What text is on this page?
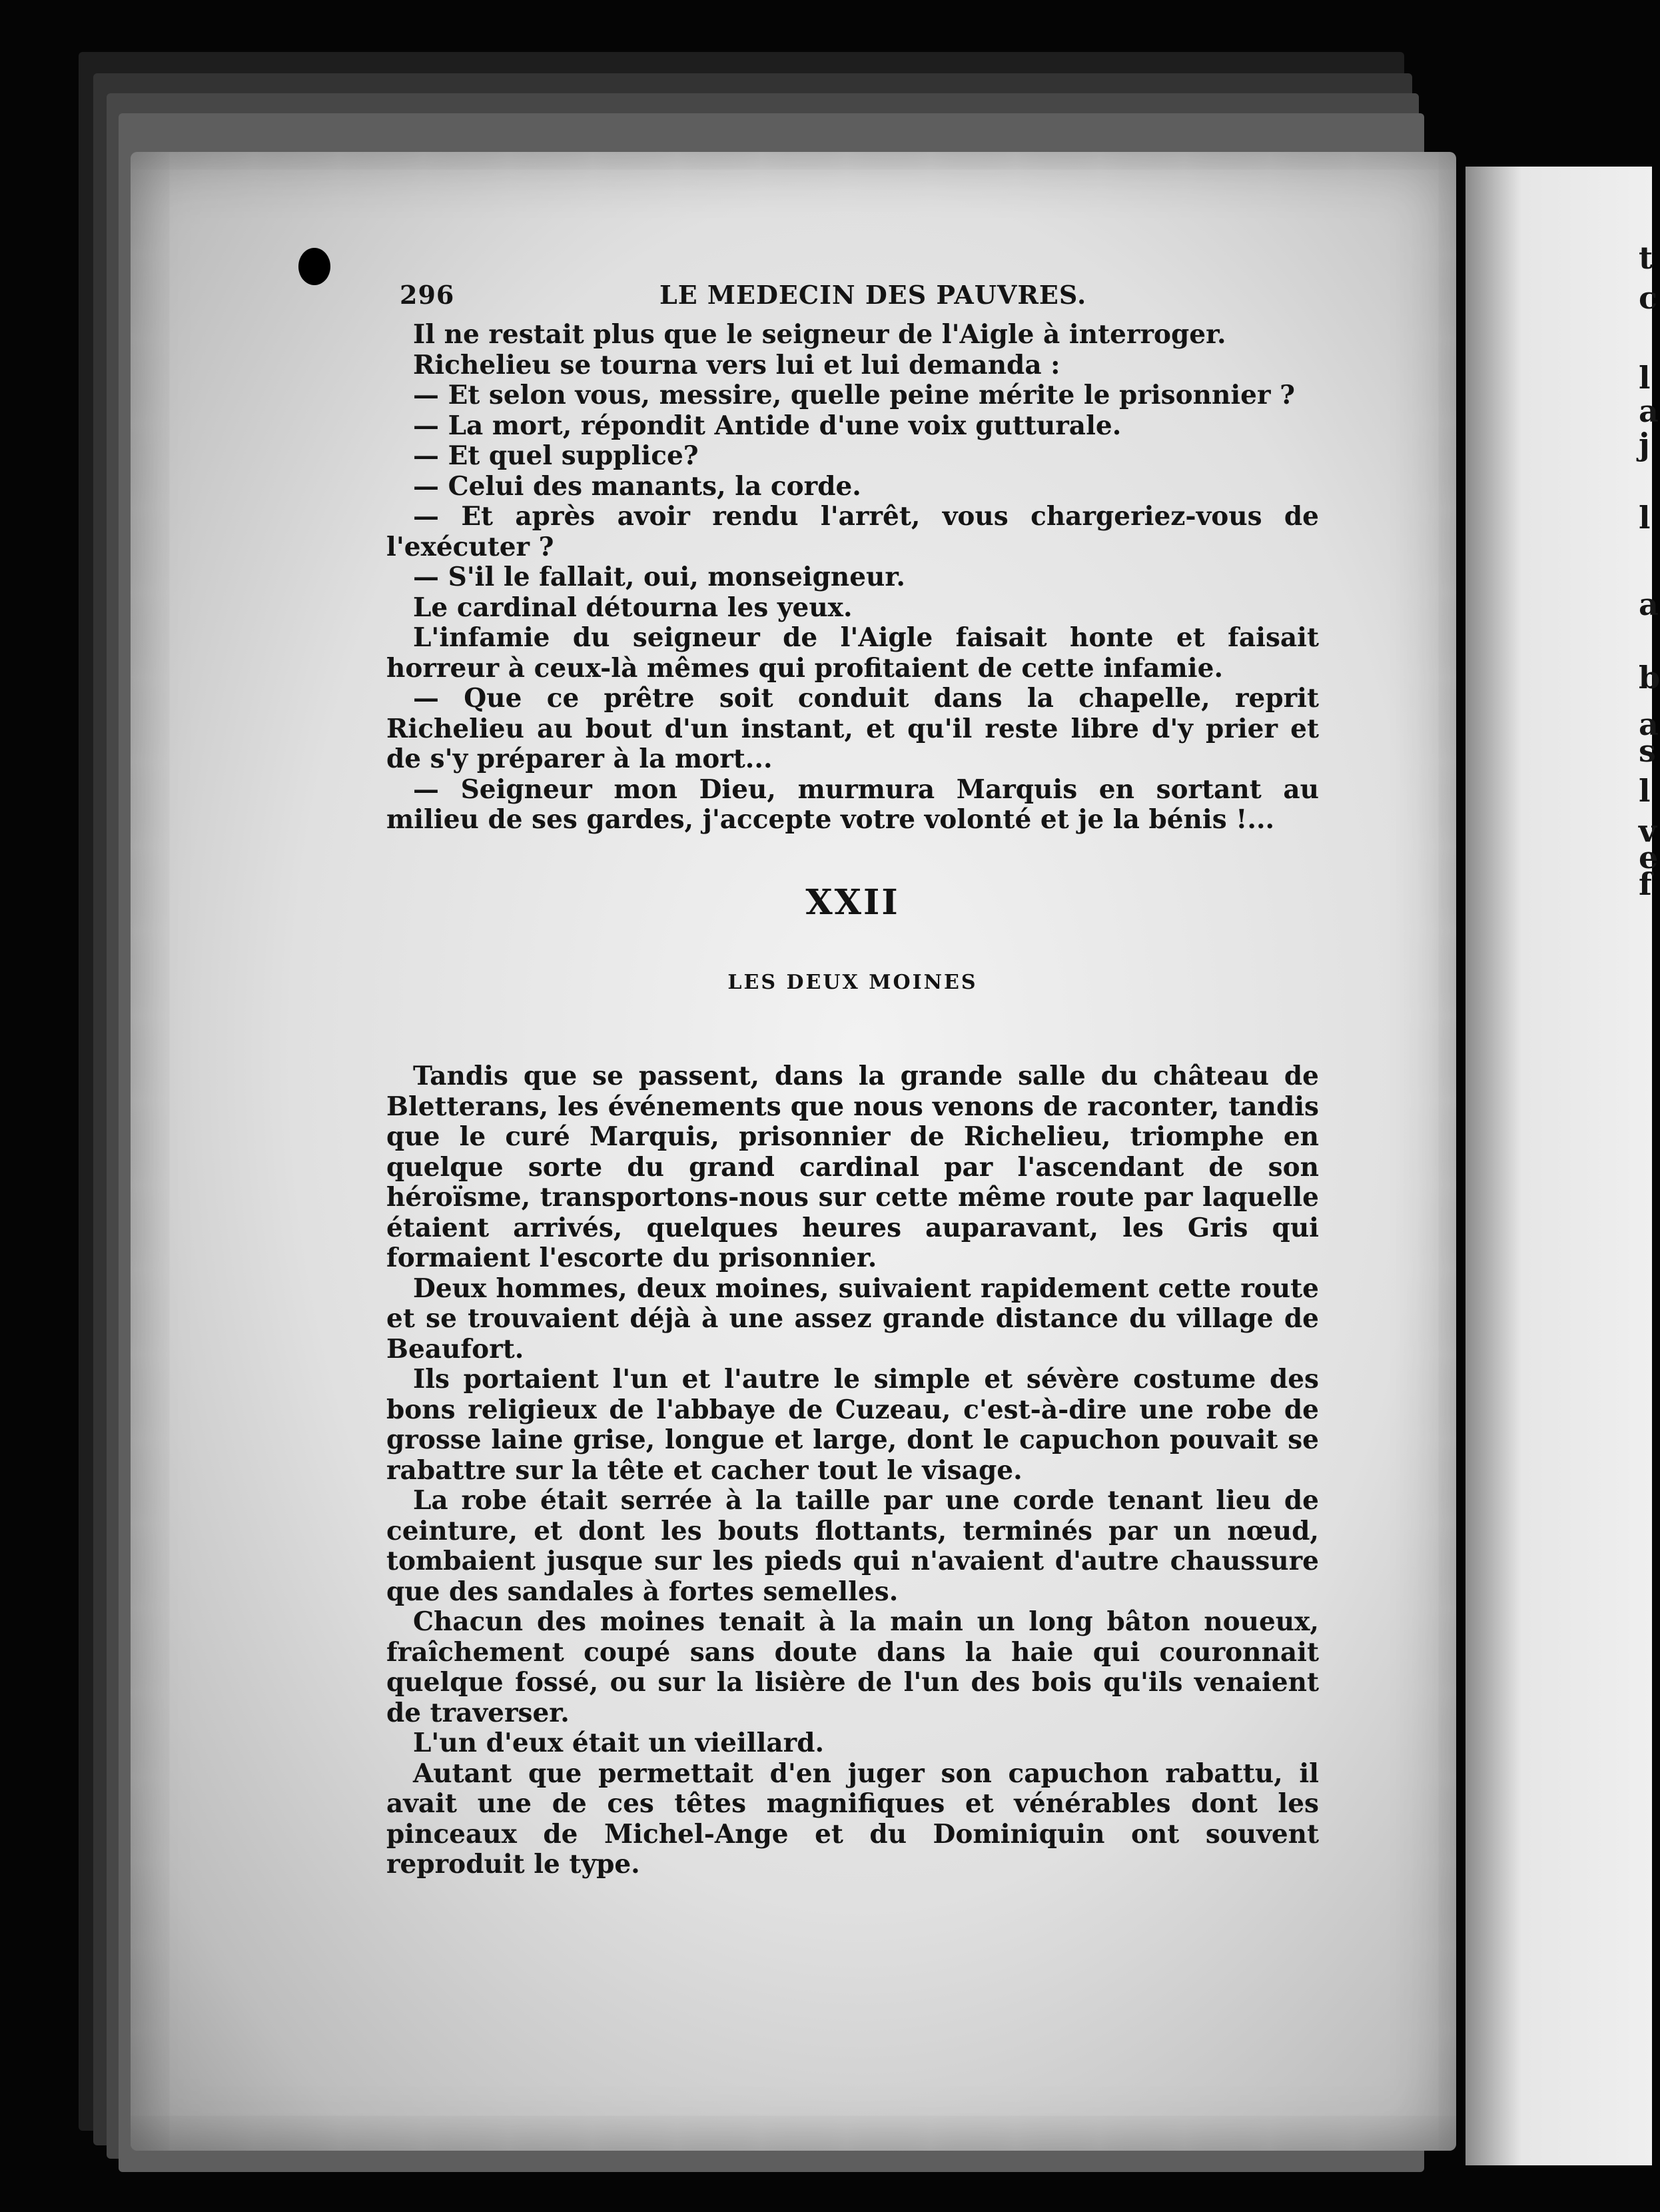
t
c
l
a
j
l
a
b
a
s
l
v
e
f
296	LE MEDECIN DES PAUVRES.

Il ne restait plus que le seigneur de l'Aigle à interroger.

Richelieu se tourna vers lui et lui demanda :

— Et selon vous, messire, quelle peine mérite le prisonnier ?

— La mort, répondit Antide d'une voix gutturale.

— Et quel supplice?

— Celui des manants, la corde.

— Et après avoir rendu l'arrêt, vous chargeriez-vous de l'exécuter ?

— S'il le fallait, oui, monseigneur.

Le cardinal détourna les yeux.

L'infamie du seigneur de l'Aigle faisait honte et faisait horreur à ceux-là mêmes qui profitaient de cette infamie.

— Que ce prêtre soit conduit dans la chapelle, reprit Richelieu au bout d'un instant, et qu'il reste libre d'y prier et de s'y préparer à la mort...

— Seigneur mon Dieu, murmura Marquis en sortant au milieu de ses gardes, j'accepte votre volonté et je la bénis !...

XXII
LES DEUX MOINES

Tandis que se passent, dans la grande salle du château de Bletterans, les événements que nous venons de raconter, tandis que le curé Marquis, prisonnier de Richelieu, triomphe en quelque sorte du grand cardinal par l'ascendant de son héroïsme, transportons-nous sur cette même route par laquelle étaient arrivés, quelques heures auparavant, les Gris qui formaient l'escorte du prisonnier.

Deux hommes, deux moines, suivaient rapidement cette route et se trouvaient déjà à une assez grande distance du village de Beaufort.

Ils portaient l'un et l'autre le simple et sévère costume des bons religieux de l'abbaye de Cuzeau, c'est-à-dire une robe de grosse laine grise, longue et large, dont le capuchon pouvait se rabattre sur la tête et cacher tout le visage.

La robe était serrée à la taille par une corde tenant lieu de ceinture, et dont les bouts flottants, terminés par un nœud, tombaient jusque sur les pieds qui n'avaient d'autre chaussure que des sandales à fortes semelles.

Chacun des moines tenait à la main un long bâton noueux, fraîchement coupé sans doute dans la haie qui couronnait quelque fossé, ou sur la lisière de l'un des bois qu'ils venaient de traverser.

L'un d'eux était un vieillard.

Autant que permettait d'en juger son capuchon rabattu, il avait une de ces têtes magnifiques et vénérables dont les pinceaux de Michel-Ange et du Dominiquin ont souvent reproduit le type.
